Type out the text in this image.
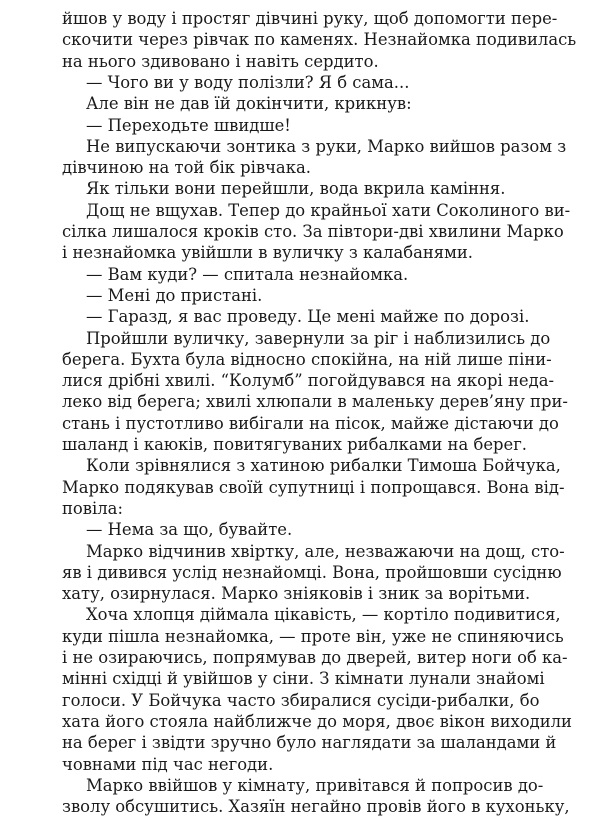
йшов у воду і простяг дівчині руку, щоб допомогти пере-
скочити через рівчак по каменях. Незнайомка подивилась
на нього здивовано і навіть сердито.
— Чого ви у воду полізли? Я б сама...
Але він не дав їй докінчити, крикнув:
— Переходьте швидше!
Не випускаючи зонтика з руки, Марко вийшов разом з
дівчиною на той бік рівчака.
Як тільки вони перейшли, вода вкрила каміння.
Дощ не вщухав. Тепер до крайньої хати Соколиного ви-
сілка лишалося кроків сто. За півтори-дві хвилини Марко
і незнайомка увійшли в вуличку з калабанями.
— Вам куди? — спитала незнайомка.
— Мені до пристані.
— Гаразд, я вас проведу. Це мені майже по дорозі.
Пройшли вуличку, завернули за ріг і наблизились до
берега. Бухта була відносно спокійна, на ній лише піни-
лися дрібні хвилі. “Колумб” погойдувався на якорі неда-
леко від берега; хвилі хлюпали в маленьку дерев’яну при-
стань і пустотливо вибігали на пісок, майже дістаючи до
шаланд і каюків, повитягуваних рибалками на берег.
Коли зрівнялися з хатиною рибалки Тимоша Бойчука,
Марко подякував своїй супутниці і попрощався. Вона від-
повіла:
— Нема за що, бувайте.
Марко відчинив хвіртку, але, незважаючи на дощ, сто-
яв і дивився услід незнайомці. Вона, пройшовши сусідню
хату, озирнулася. Марко зніяковів і зник за ворітьми.
Хоча хлопця діймала цікавість, — кортіло подивитися,
куди пішла незнайомка, — проте він, уже не спиняючись
і не озираючись, попрямував до дверей, витер ноги об ка-
мінні східці й увійшов у сіни. З кімнати лунали знайомі
голоси. У Бойчука часто збиралися сусіди-рибалки, бо
хата його стояла найближче до моря, двоє вікон виходили
на берег і звідти зручно було наглядати за шаландами й
човнами під час негоди.
Марко ввійшов у кімнату, привітався й попросив до-
зволу обсушитись. Хазяїн негайно провів його в кухоньку,
